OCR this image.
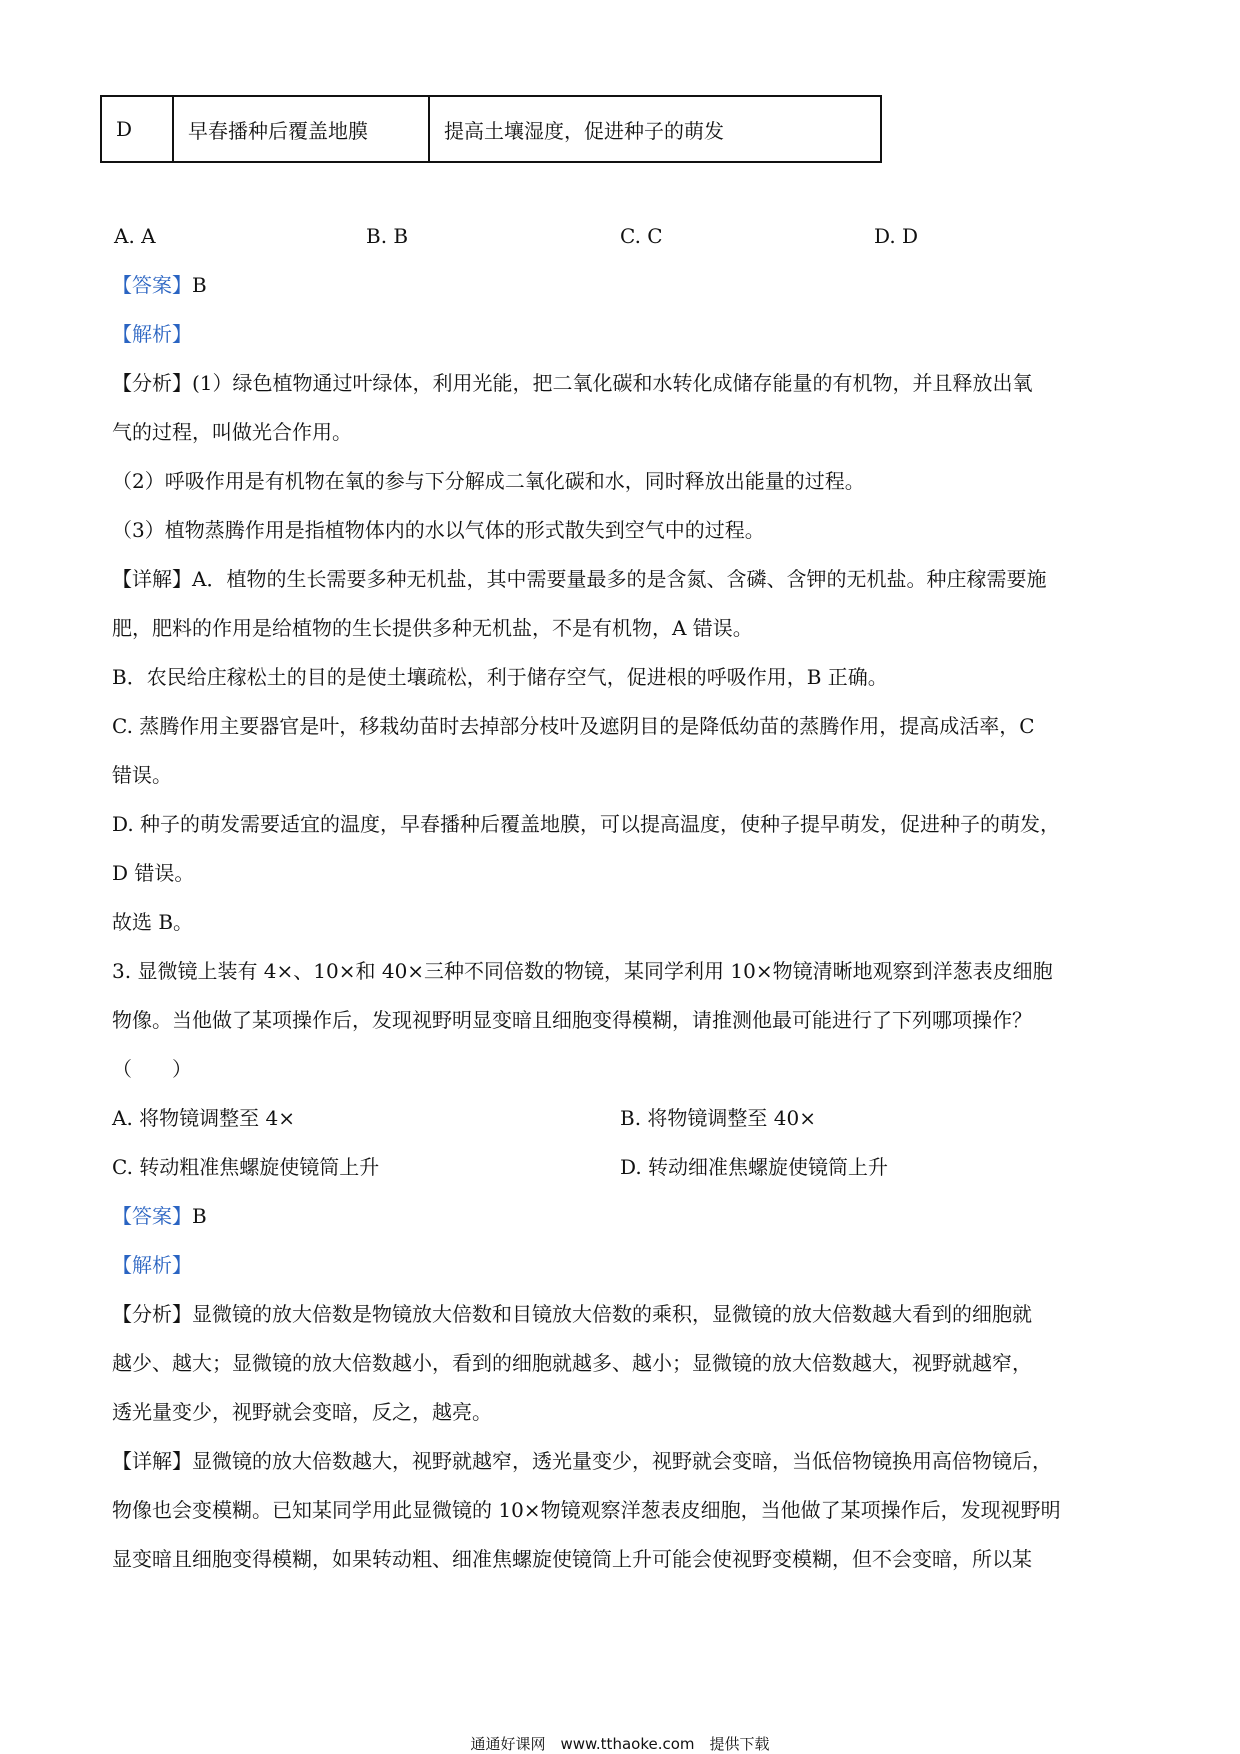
D	早春播种后覆盖地膜	提高土壤湿度，促进种子的萌发
A. A	B. B	C. C	D. D
【答案】B
【解析】
【分析】(1）绿色植物通过叶绿体，利用光能，把二氧化碳和水转化成储存能量的有机物，并且释放出氧
气的过程，叫做光合作用。
（2）呼吸作用是有机物在氧的参与下分解成二氧化碳和水，同时释放出能量的过程。
（3）植物蒸腾作用是指植物体内的水以气体的形式散失到空气中的过程。
【详解】A．植物的生长需要多种无机盐，其中需要量最多的是含氮、含磷、含钾的无机盐。种庄稼需要施
肥，肥料的作用是给植物的生长提供多种无机盐，不是有机物，A 错误。
B．农民给庄稼松土的目的是使土壤疏松，利于储存空气，促进根的呼吸作用，B 正确。
C. 蒸腾作用主要器官是叶，移栽幼苗时去掉部分枝叶及遮阴目的是降低幼苗的蒸腾作用，提高成活率，C
错误。
D. 种子的萌发需要适宜的温度，早春播种后覆盖地膜，可以提高温度，使种子提早萌发，促进种子的萌发，
D 错误。
故选 B。
3. 显微镜上装有 4×、10×和 40×三种不同倍数的物镜，某同学利用 10×物镜清晰地观察到洋葱表皮细胞
物像。当他做了某项操作后，发现视野明显变暗且细胞变得模糊，请推测他最可能进行了下列哪项操作？
（　　）
A. 将物镜调整至 4×	B. 将物镜调整至 40×
C. 转动粗准焦螺旋使镜筒上升	D. 转动细准焦螺旋使镜筒上升
【答案】B
【解析】
【分析】显微镜的放大倍数是物镜放大倍数和目镜放大倍数的乘积，显微镜的放大倍数越大看到的细胞就
越少、越大；显微镜的放大倍数越小，看到的细胞就越多、越小；显微镜的放大倍数越大，视野就越窄，
透光量变少，视野就会变暗，反之，越亮。
【详解】显微镜的放大倍数越大，视野就越窄，透光量变少，视野就会变暗，当低倍物镜换用高倍物镜后，
物像也会变模糊。已知某同学用此显微镜的 10×物镜观察洋葱表皮细胞，当他做了某项操作后，发现视野明
显变暗且细胞变得模糊，如果转动粗、细准焦螺旋使镜筒上升可能会使视野变模糊，但不会变暗，所以某
通通好课网　www.tthaoke.com　提供下载
